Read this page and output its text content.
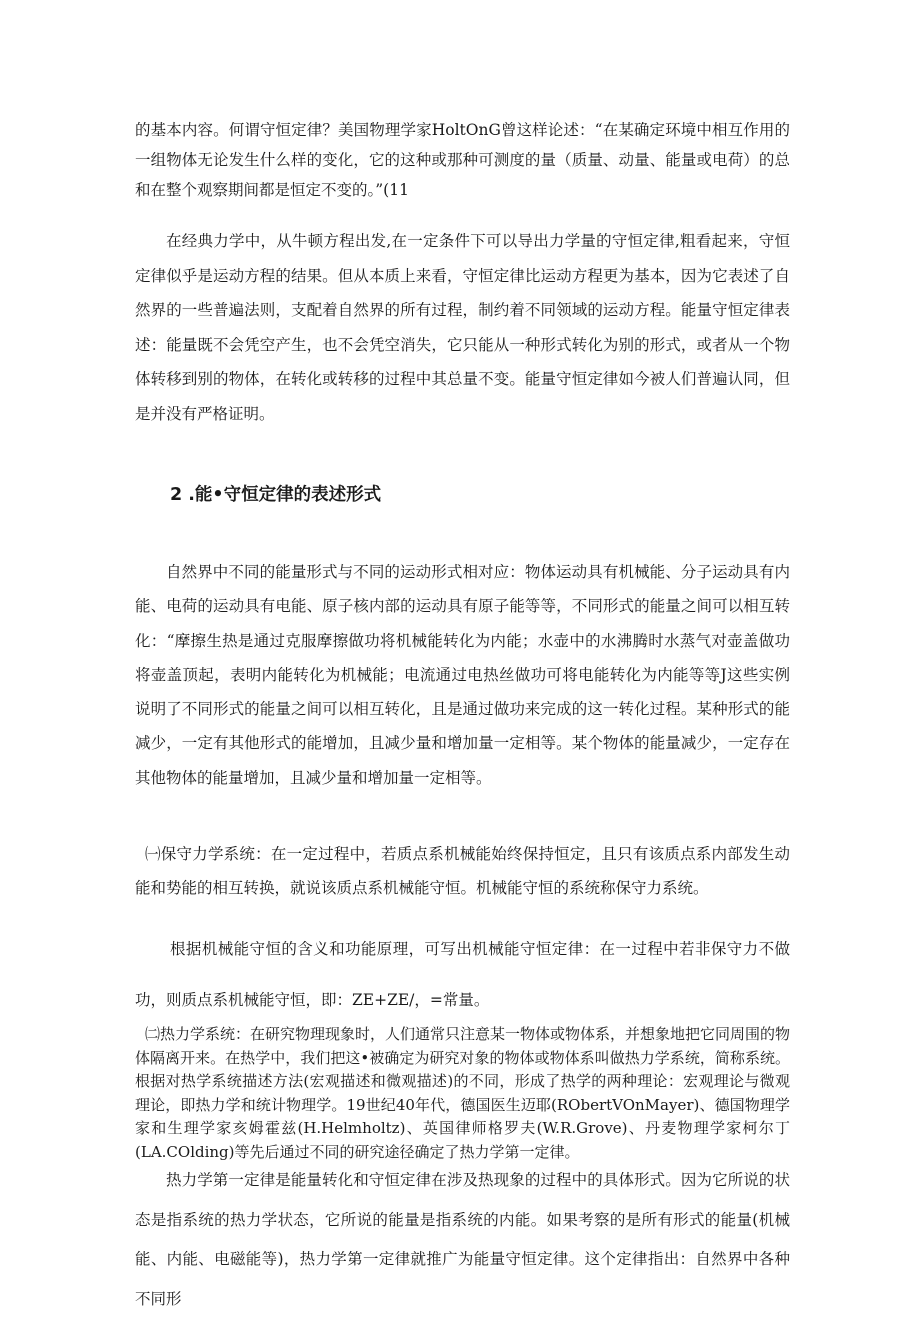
的基本内容。何谓守恒定律？美国物理学家HoltOnG曾这样论述：“在某确定环境中相互作用的一组物体无论发生什么样的变化，它的这种或那种可测度的量（质量、动量、能量或电荷）的总和在整个观察期间都是恒定不变的。”(11

在经典力学中，从牛顿方程出发,在一定条件下可以导出力学量的守恒定律,粗看起来，守恒定律似乎是运动方程的结果。但从本质上来看，守恒定律比运动方程更为基本，因为它表述了自然界的一些普遍法则，支配着自然界的所有过程，制约着不同领域的运动方程。能量守恒定律表述：能量既不会凭空产生，也不会凭空消失，它只能从一种形式转化为别的形式，或者从一个物体转移到别的物体，在转化或转移的过程中其总量不变。能量守恒定律如今被人们普遍认同，但是并没有严格证明。

2 .能•守恒定律的表述形式

自然界中不同的能量形式与不同的运动形式相对应：物体运动具有机械能、分子运动具有内能、电荷的运动具有电能、原子核内部的运动具有原子能等等，不同形式的能量之间可以相互转化：“摩擦生热是通过克服摩擦做功将机械能转化为内能；水壶中的水沸腾时水蒸气对壶盖做功将壶盖顶起，表明内能转化为机械能；电流通过电热丝做功可将电能转化为内能等等J这些实例说明了不同形式的能量之间可以相互转化，且是通过做功来完成的这一转化过程。某种形式的能减少，一定有其他形式的能增加，且减少量和增加量一定相等。某个物体的能量减少，一定存在其他物体的能量增加，且减少量和增加量一定相等。

㈠保守力学系统：在一定过程中，若质点系机械能始终保持恒定，且只有该质点系内部发生动能和势能的相互转换，就说该质点系机械能守恒。机械能守恒的系统称保守力系统。

根据机械能守恒的含义和功能原理，可写出机械能守恒定律：在一过程中若非保守力不做功，则质点系机械能守恒，即：ZE+ZE/，=常量。

㈡热力学系统：在研究物理现象时，人们通常只注意某一物体或物体系，并想象地把它同周围的物体隔离开来。在热学中，我们把这•被确定为研究对象的物体或物体系叫做热力学系统，简称系统。根据对热学系统描述方法(宏观描述和微观描述)的不同，形成了热学的两种理论：宏观理论与微观理论，即热力学和统计物理学。19世纪40年代，德国医生迈耶(RObertVOnMayer)、德国物理学家和生理学家亥姆霍兹(H.Helmholtz)、英国律师格罗夫(W.R.Grove)、丹麦物理学家柯尔丁(LA.COlding)等先后通过不同的研究途径确定了热力学第一定律。

热力学第一定律是能量转化和守恒定律在涉及热现象的过程中的具体形式。因为它所说的状态是指系统的热力学状态，它所说的能量是指系统的内能。如果考察的是所有形式的能量(机械能、内能、电磁能等)，热力学第一定律就推广为能量守恒定律。这个定律指出：自然界中各种不同形
